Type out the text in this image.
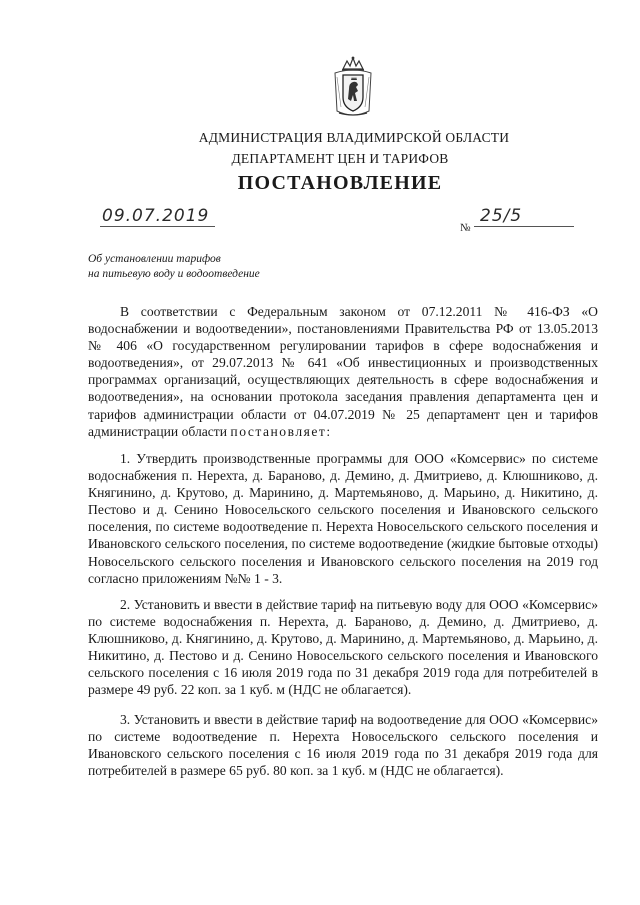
АДМИНИСТРАЦИЯ ВЛАДИМИРСКОЙ ОБЛАСТИ
ДЕПАРТАМЕНТ ЦЕН И ТАРИФОВ
ПОСТАНОВЛЕНИЕ
09.07.2019
№
25/5
Об установлении тарифов
на питьевую воду и водоотведение
В соответствии с Федеральным законом от 07.12.2011 № 416-ФЗ «О водоснабжении и водоотведении», постановлениями Правительства РФ от 13.05.2013 № 406 «О государственном регулировании тарифов в сфере водоснабжения и водоотведения», от 29.07.2013 № 641 «Об инвестиционных и производственных программах организаций, осуществляющих деятельность в сфере водоснабжения и водоотведения», на основании протокола заседания правления департамента цен и тарифов администрации области от 04.07.2019 № 25 департамент цен и тарифов администрации области постановляет:
1. Утвердить производственные программы для ООО «Комсервис» по системе водоснабжения п. Нерехта, д. Бараново, д. Демино, д. Дмитриево, д. Клюшниково, д. Княгинино, д. Крутово, д. Маринино, д. Мартемьяново, д. Марьино, д. Никитино, д. Пестово и д. Сенино Новосельского сельского поселения и Ивановского сельского поселения, по системе водоотведение п. Нерехта Новосельского сельского поселения и Ивановского сельского поселения, по системе водоотведение (жидкие бытовые отходы) Новосельского сельского поселения и Ивановского сельского поселения на 2019 год согласно приложениям №№ 1 - 3.
2. Установить и ввести в действие тариф на питьевую воду для ООО «Комсервис» по системе водоснабжения п. Нерехта, д. Бараново, д. Демино, д. Дмитриево, д. Клюшниково, д. Княгинино, д. Крутово, д. Маринино, д. Мартемьяново, д. Марьино, д. Никитино, д. Пестово и д. Сенино Новосельского сельского поселения и Ивановского сельского поселения с 16 июля 2019 года по 31 декабря 2019 года для потребителей в размере 49 руб. 22 коп. за 1 куб. м (НДС не облагается).
3. Установить и ввести в действие тариф на водоотведение для ООО «Комсервис» по системе водоотведение п. Нерехта Новосельского сельского поселения и Ивановского сельского поселения с 16 июля 2019 года по 31 декабря 2019 года для потребителей в размере 65 руб. 80 коп. за 1 куб. м (НДС не облагается).
